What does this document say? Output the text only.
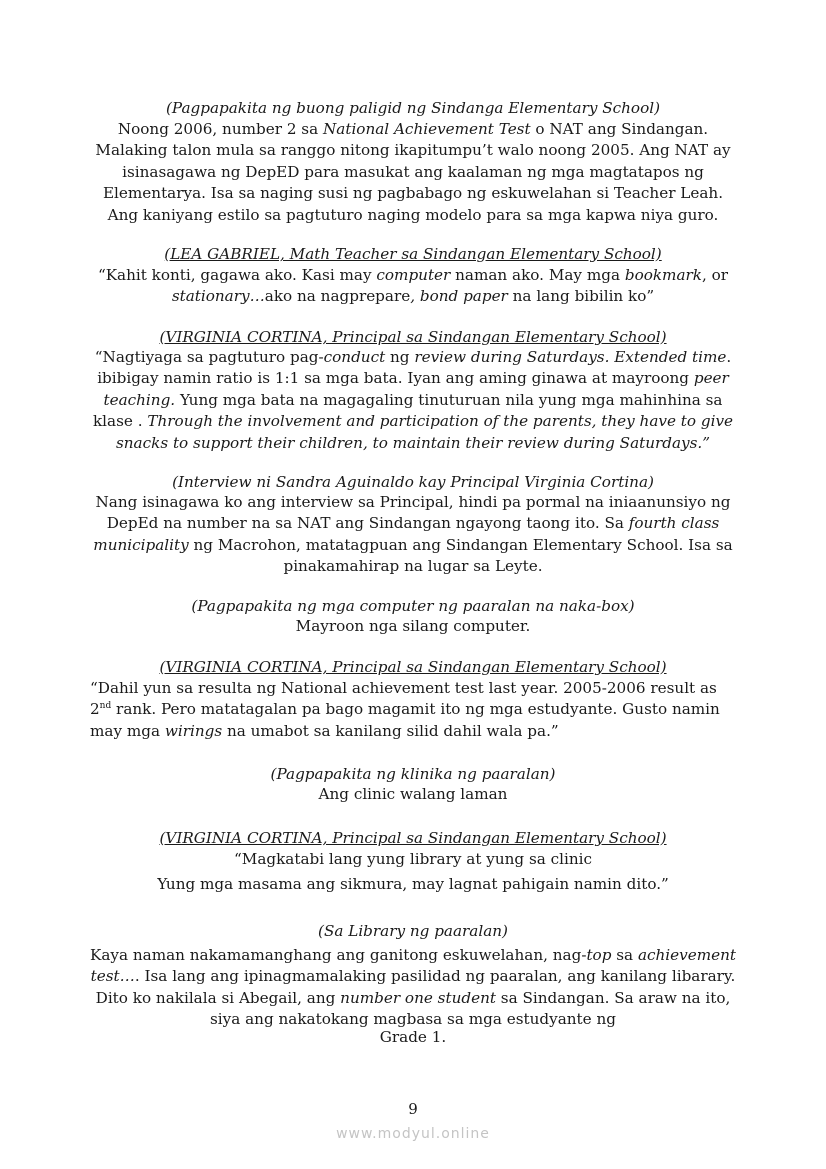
(Pagpapakita ng buong paligid ng Sindanga Elementary School)

Noong 2006, number 2 sa National Achievement Test o NAT ang Sindangan. Malaking talon mula sa ranggo nitong ikapitumpu’t walo noong 2005. Ang NAT ay isinasagawa ng DepED para masukat ang kaalaman ng mga magtatapos ng Elementarya. Isa sa naging susi ng pagbabago ng eskuwelahan si Teacher Leah. Ang kaniyang estilo sa pagtuturo naging modelo para sa mga kapwa niya guro.

(LEA GABRIEL, Math Teacher sa Sindangan Elementary School)

“Kahit konti, gagawa ako. Kasi may computer naman ako. May mga bookmark, or stationary…ako na nagprepare, bond paper na lang bibilin ko”

(VIRGINIA CORTINA, Principal sa Sindangan Elementary School)

“Nagtiyaga sa pagtuturo pag-conduct ng review during Saturdays. Extended time. ibibigay namin ratio is 1:1 sa mga bata. Iyan ang aming ginawa at mayroong peer teaching. Yung mga bata na magagaling tinuturuan nila yung mga mahinhina sa klase . Through the involvement and participation of the parents, they have to give snacks to support their children, to maintain their review during Saturdays.”

(Interview ni Sandra Aguinaldo kay Principal Virginia Cortina)

Nang isinagawa ko ang interview sa Principal, hindi pa pormal na iniaanunsiyo ng DepEd na number na sa NAT ang Sindangan ngayong taong ito. Sa fourth class municipality ng Macrohon, matatagpuan ang Sindangan Elementary School. Isa sa pinakamahirap na lugar sa Leyte.

(Pagpapakita ng mga computer ng paaralan na naka-box)

Mayroon nga silang computer.

(VIRGINIA CORTINA, Principal sa Sindangan Elementary School)

“Dahil yun sa resulta ng National achievement test last year. 2005-2006 result as 2nd rank. Pero matatagalan pa bago magamit ito ng mga estudyante. Gusto namin may mga wirings na umabot sa kanilang silid dahil wala pa.”

(Pagpapakita ng klinika ng paaralan)

Ang clinic walang laman

(VIRGINIA CORTINA, Principal sa Sindangan Elementary School)

“Magkatabi lang yung library at yung sa clinic

Yung mga masama ang sikmura, may lagnat pahigain namin dito.”

(Sa Library ng paaralan)

Kaya naman nakamamanghang ang ganitong eskuwelahan, nag-top sa achievement test…. Isa lang ang ipinagmamalaking pasilidad ng paaralan, ang kanilang libarary. Dito ko nakilala si Abegail, ang number one student sa Sindangan. Sa araw na ito, siya ang nakatokang magbasa sa mga estudyante ng

Grade 1.

9
www.modyul.online
